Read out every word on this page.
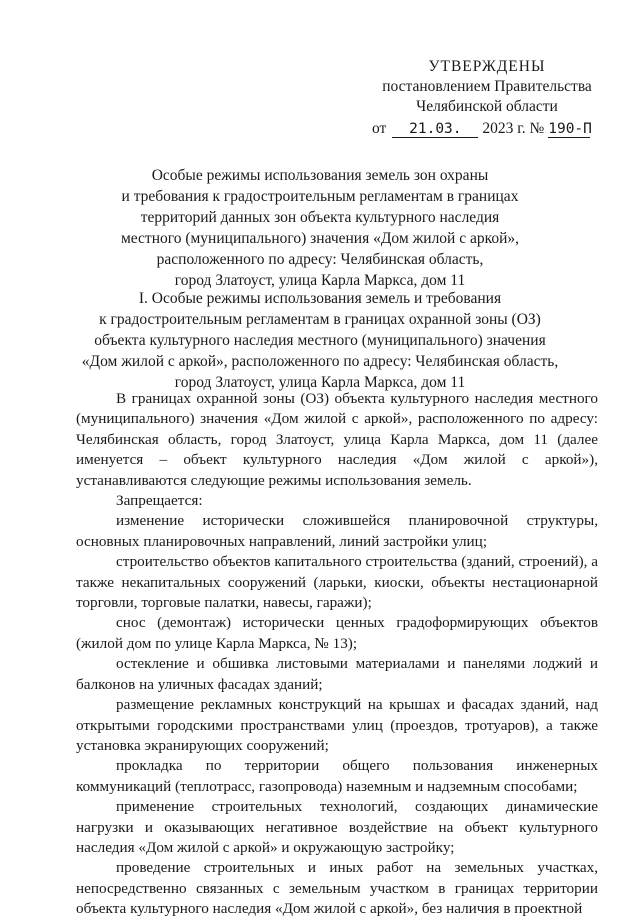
УТВЕРЖДЕНЫ
постановлением Правительства
Челябинской области
от 21.03. 2023 г. № 190-П
Особые режимы использования земель зон охраны
и требования к градостроительным регламентам в границах
территорий данных зон объекта культурного наследия
местного (муниципального) значения «Дом жилой с аркой»,
расположенного по адресу: Челябинская область,
город Златоуст, улица Карла Маркса, дом 11
I. Особые режимы использования земель и требования
к градостроительным регламентам в границах охранной зоны (ОЗ)
объекта культурного наследия местного (муниципального) значения
«Дом жилой с аркой», расположенного по адресу: Челябинская область,
город Златоуст, улица Карла Маркса, дом 11

В границах охранной зоны (ОЗ) объекта культурного наследия местного (муниципального) значения «Дом жилой с аркой», расположенного по адресу: Челябинская область, город Златоуст, улица Карла Маркса, дом 11 (далее именуется – объект культурного наследия «Дом жилой с аркой»), устанавливаются следующие режимы использования земель.

Запрещается:

изменение исторически сложившейся планировочной структуры, основных планировочных направлений, линий застройки улиц;

строительство объектов капитального строительства (зданий, строений), а также некапитальных сооружений (ларьки, киоски, объекты нестационарной торговли, торговые палатки, навесы, гаражи);

снос (демонтаж) исторически ценных градоформирующих объектов (жилой дом по улице Карла Маркса, № 13);

остекление и обшивка листовыми материалами и панелями лоджий и балконов на уличных фасадах зданий;

размещение рекламных конструкций на крышах и фасадах зданий, над открытыми городскими пространствами улиц (проездов, тротуаров), а также установка экранирующих сооружений;

прокладка по территории общего пользования инженерных коммуникаций (теплотрасс, газопровода) наземным и надземным способами;

применение строительных технологий, создающих динамические нагрузки и оказывающих негативное воздействие на объект культурного наследия «Дом жилой с аркой» и окружающую застройку;

проведение строительных и иных работ на земельных участках, непосредственно связанных с земельным участком в границах территории объекта культурного наследия «Дом жилой с аркой», без наличия в проектной
